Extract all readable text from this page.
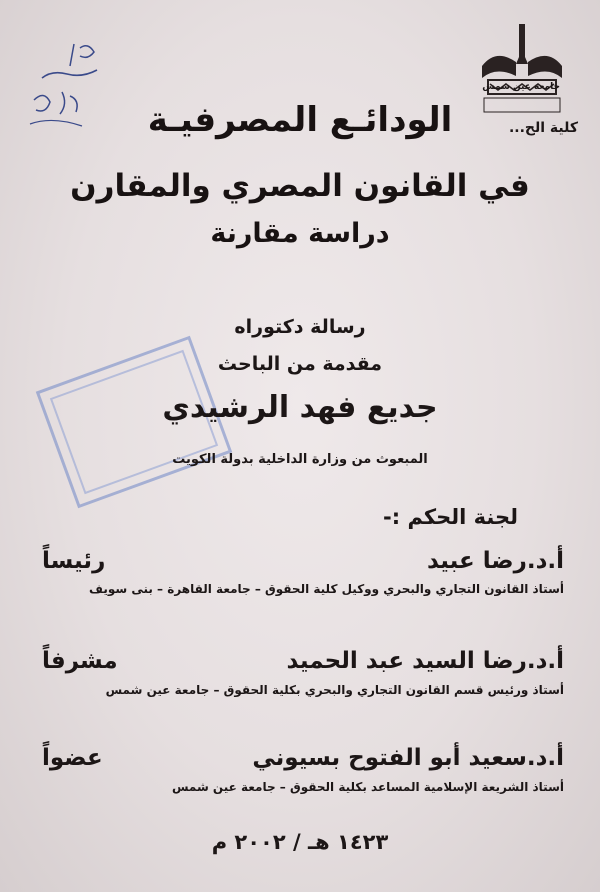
جامعة عين شمس
كلية الح...
الودائـع المصرفيـة
في القانون المصري والمقارن
دراسة مقارنة
رسالة دكتوراه
مقدمة من الباحث
جديع فهد الرشيدي
المبعوث من وزارة الداخلية بدولة الكويت
لجنة الحكم :-
أ.د.رضا عبيد
رئيساً
أستاذ القانون التجاري والبحري ووكيل كلية الحقوق – جامعة القاهرة – بنى سويف
أ.د.رضا السيد عبد الحميد
مشرفاً
أستاذ ورئيس قسم القانون التجاري والبحري بكلية الحقوق – جامعة عين شمس
أ.د.سعيد أبو الفتوح بسيوني
عضواً
أستاذ الشريعة الإسلامية المساعد بكلية الحقوق – جامعة عين شمس
١٤٢٣ هـ / ٢٠٠٢ م
